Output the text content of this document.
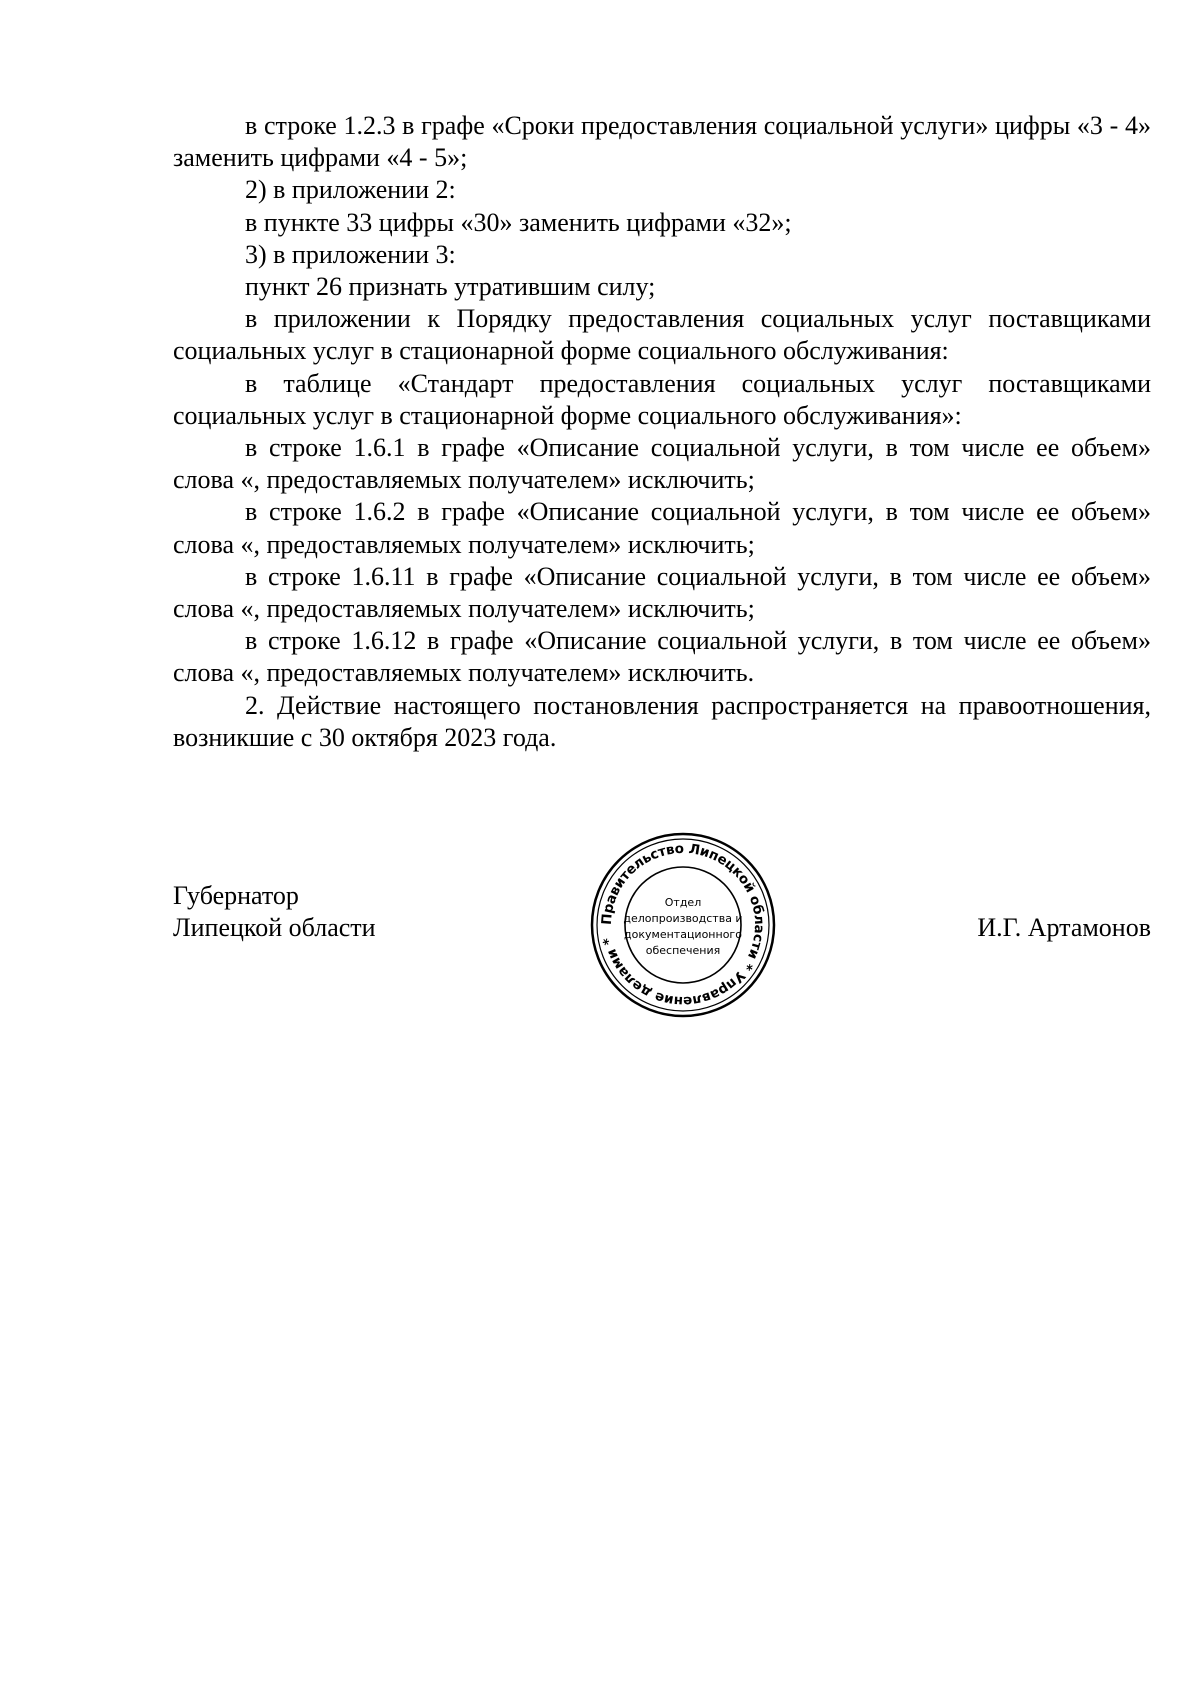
в строке 1.2.3 в графе «Сроки предоставления социальной услуги» цифры «3 - 4» заменить цифрами «4 - 5»;

2) в приложении 2:

в пункте 33 цифры «30» заменить цифрами «32»;

3) в приложении 3:

пункт 26 признать утратившим силу;

в приложении к Порядку предоставления социальных услуг поставщиками социальных услуг в стационарной форме социального обслуживания:

в таблице «Стандарт предоставления социальных услуг поставщиками социальных услуг в стационарной форме социального обслуживания»:

в строке 1.6.1 в графе «Описание социальной услуги, в том числе ее объем» слова «, предоставляемых получателем» исключить;

в строке 1.6.2 в графе «Описание социальной услуги, в том числе ее объем» слова «, предоставляемых получателем» исключить;

в строке 1.6.11 в графе «Описание социальной услуги, в том числе ее объем» слова «, предоставляемых получателем» исключить;

в строке 1.6.12 в графе «Описание социальной услуги, в том числе ее объем» слова «, предоставляемых получателем» исключить.

2. Действие настоящего постановления распространяется на правоотношения, возникшие с 30 октября 2023 года.

Губернатор
Липецкой области	Правительство Липецкой области * Управление делами *
Отдел
делопроизводства и
документационного
обеспечения
И.Г. Артамонов
